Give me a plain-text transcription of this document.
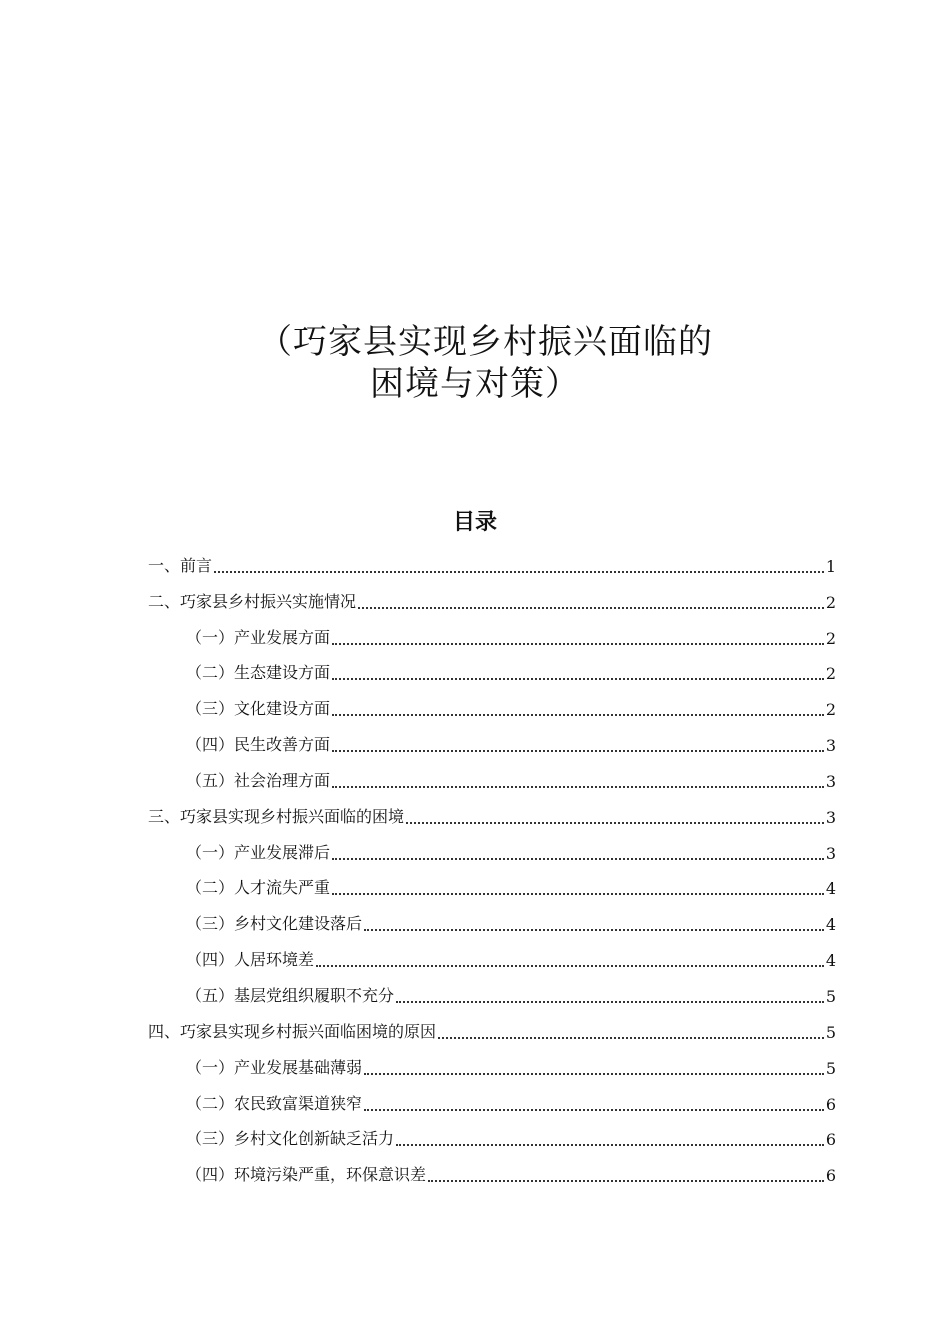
（巧家县实现乡村振兴面临的
困境与对策）
目录
一、前言	1
二、巧家县乡村振兴实施情况	2
（一）产业发展方面	2
（二）生态建设方面	2
（三）文化建设方面	2
（四）民生改善方面	3
（五）社会治理方面	3
三、巧家县实现乡村振兴面临的困境	3
（一）产业发展滞后	3
（二）人才流失严重	4
（三）乡村文化建设落后	4
（四）人居环境差	4
（五）基层党组织履职不充分	5
四、巧家县实现乡村振兴面临困境的原因	5
（一）产业发展基础薄弱	5
（二）农民致富渠道狭窄	6
（三）乡村文化创新缺乏活力	6
（四）环境污染严重，环保意识差	6
